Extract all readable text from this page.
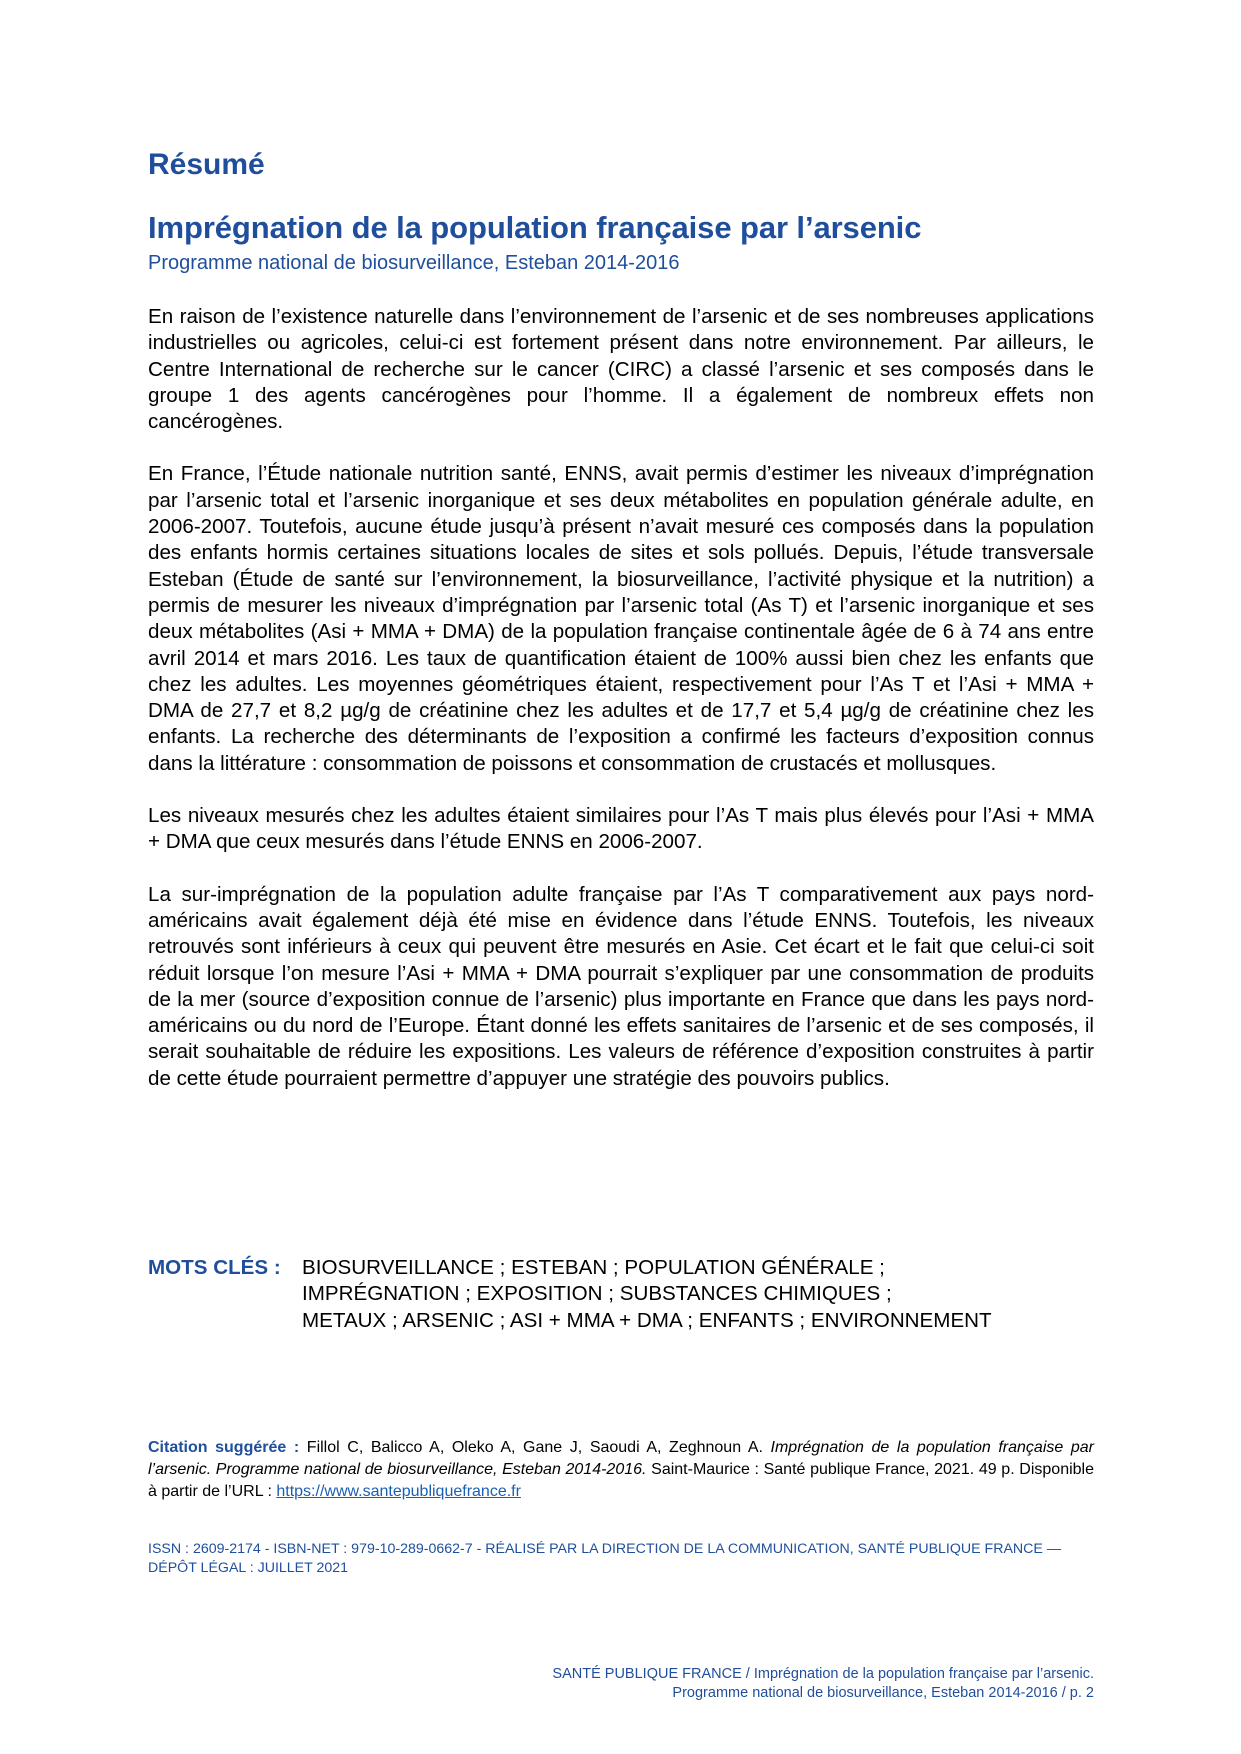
Résumé
Imprégnation de la population française par l’arsenic
Programme national de biosurveillance, Esteban 2014-2016

En raison de l’existence naturelle dans l’environnement de l’arsenic et de ses nombreuses applications industrielles ou agricoles, celui-ci est fortement présent dans notre environnement. Par ailleurs, le Centre International de recherche sur le cancer (CIRC) a classé l’arsenic et ses composés dans le groupe 1 des agents cancérogènes pour l’homme. Il a également de nombreux effets non cancérogènes.

En France, l’Étude nationale nutrition santé, ENNS, avait permis d’estimer les niveaux d’imprégnation par l’arsenic total et l’arsenic inorganique et ses deux métabolites en population générale adulte, en 2006-2007. Toutefois, aucune étude jusqu’à présent n’avait mesuré ces composés dans la population des enfants hormis certaines situations locales de sites et sols pollués. Depuis, l’étude transversale Esteban (Étude de santé sur l’environnement, la biosurveillance, l’activité physique et la nutrition) a permis de mesurer les niveaux d’imprégnation par l’arsenic total (As T) et l’arsenic inorganique et ses deux métabolites (Asi + MMA + DMA) de la population française continentale âgée de 6 à 74 ans entre avril 2014 et mars 2016. Les taux de quantification étaient de 100% aussi bien chez les enfants que chez les adultes. Les moyennes géométriques étaient, respectivement pour l’As T et l’Asi + MMA + DMA de 27,7 et 8,2 µg/g de créatinine chez les adultes et de 17,7 et 5,4 µg/g de créatinine chez les enfants. La recherche des déterminants de l’exposition a confirmé les facteurs d’exposition connus dans la littérature : consommation de poissons et consommation de crustacés et mollusques.

Les niveaux mesurés chez les adultes étaient similaires pour l’As T mais plus élevés pour l’Asi + MMA + DMA que ceux mesurés dans l’étude ENNS en 2006-2007.

La sur-imprégnation de la population adulte française par l’As T comparativement aux pays nord-américains avait également déjà été mise en évidence dans l’étude ENNS. Toutefois, les niveaux retrouvés sont inférieurs à ceux qui peuvent être mesurés en Asie. Cet écart et le fait que celui-ci soit réduit lorsque l’on mesure l’Asi + MMA + DMA pourrait s’expliquer par une consommation de produits de la mer (source d’exposition connue de l’arsenic) plus importante en France que dans les pays nord-américains ou du nord de l’Europe. Étant donné les effets sanitaires de l’arsenic et de ses composés, il serait souhaitable de réduire les expositions. Les valeurs de référence d’exposition construites à partir de cette étude pourraient permettre d’appuyer une stratégie des pouvoirs publics.

MOTS CLÉS : BIOSURVEILLANCE ; ESTEBAN ; POPULATION GÉNÉRALE ;
IMPRÉGNATION ; EXPOSITION ; SUBSTANCES CHIMIQUES ;
METAUX ; ARSENIC ; ASI + MMA + DMA ; ENFANTS ; ENVIRONNEMENT
Citation suggérée : Fillol C, Balicco A, Oleko A, Gane J, Saoudi A, Zeghnoun A. Imprégnation de la population française par l’arsenic. Programme national de biosurveillance, Esteban 2014-2016. Saint-Maurice : Santé publique France, 2021. 49 p. Disponible à partir de l’URL : https://www.santepubliquefrance.fr
ISSN : 2609-2174 - ISBN-NET : 979-10-289-0662-7 - RÉALISÉ PAR LA DIRECTION DE LA COMMUNICATION, SANTÉ PUBLIQUE FRANCE — DÉPÔT LÉGAL : JUILLET 2021
SANTÉ PUBLIQUE FRANCE / Imprégnation de la population française par l’arsenic.
Programme national de biosurveillance, Esteban 2014-2016 / p. 2
